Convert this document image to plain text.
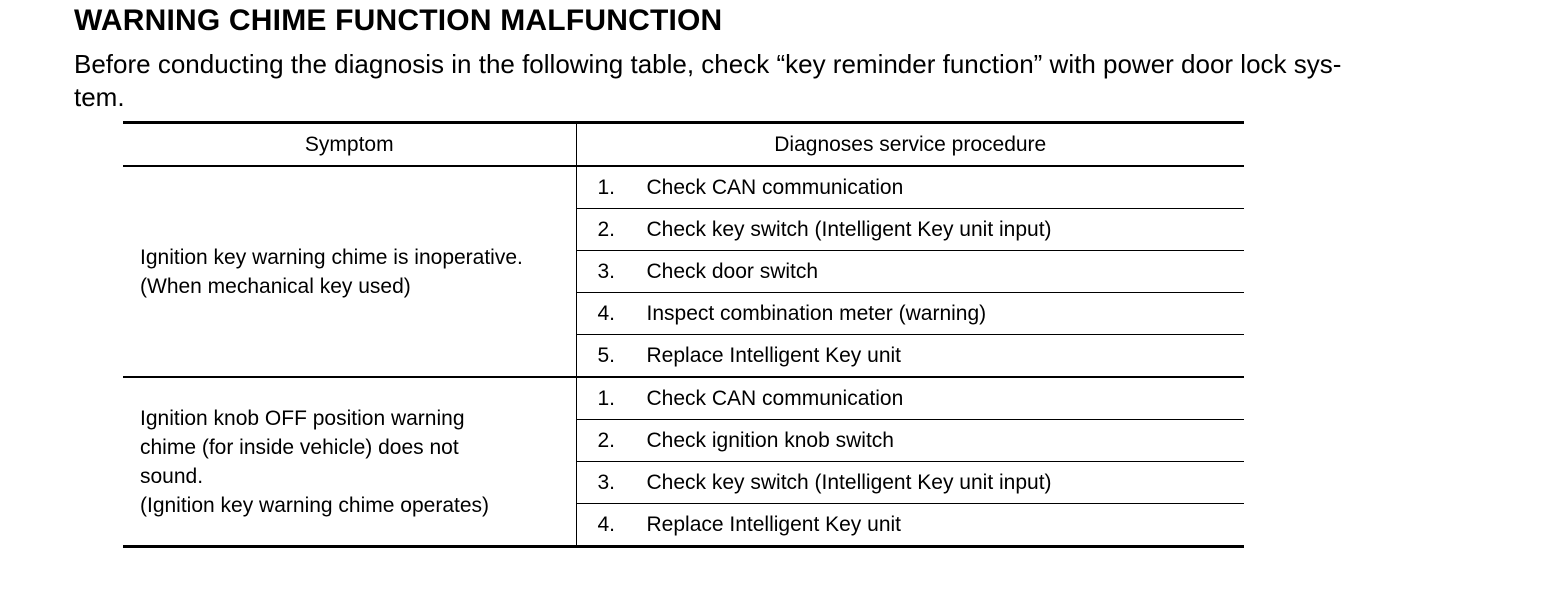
WARNING CHIME FUNCTION MALFUNCTION
Before conducting the diagnosis in the following table, check “key reminder function” with power door lock sys-
tem.
Symptom	Diagnoses service procedure

Ignition key warning chime is inoperative.
(When mechanical key used)	1. Check CAN communication
	2. Check key switch (Intelligent Key unit input)
	3. Check door switch
	4. Inspect combination meter (warning)
	5. Replace Intelligent Key unit

Ignition knob OFF position warning
chime (for inside vehicle) does not
sound.
(Ignition key warning chime operates)	1. Check CAN communication
	2. Check ignition knob switch
	3. Check key switch (Intelligent Key unit input)
	4. Replace Intelligent Key unit
